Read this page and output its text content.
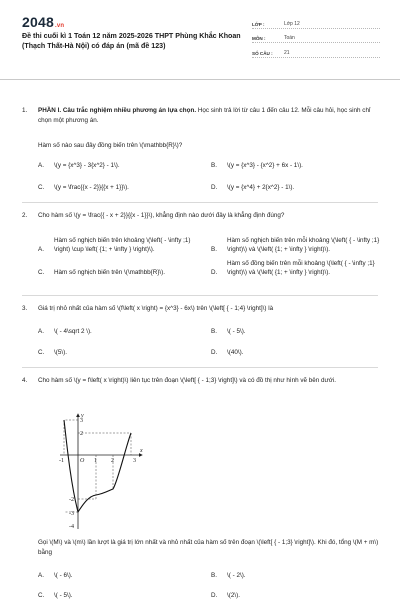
2048.vn
Đề thi cuối kì 1 Toán 12 năm 2025-2026 THPT Phùng Khắc Khoan (Thạch Thất-Hà Nội) có đáp án (mã đề 123)
LỚP :	Lớp 12
MÔN :	Toán
SỐ CÂU :	21
1.	PHẦN I. Câu trắc nghiệm nhiều phương án lựa chọn. Học sinh trả lời từ câu 1 đến câu 12. Mỗi câu hỏi, học sinh chỉ chọn một phương án.
Hàm số nào sau đây đồng biến trên \(\mathbb{R}\)?
A.	\(y = {x^3} - 3{x^2} - 1\).	B.	\(y = {x^3} - {x^2} + 6x - 1\).
C.	\(y = \frac{{x - 2}}{{x + 1}}\).	D.	\(y = {x^4} + 2{x^2} - 1\).
2.	Cho hàm số \(y = \frac{{ - x + 2}}{{x - 1}}\), khẳng định nào dưới đây là khẳng định đúng?
A.
Hàm số nghịch biến trên khoảng \(\left( - \infty ;1) \right) \cup \left( {1; + \infty } \right)\).	B.
Hàm số nghịch biến trên mỗi khoảng \(\left( { - \infty ;1} \right)\) và \(\left( {1; + \infty } \right)\).
C.	Hàm số nghịch biến trên \(\mathbb{R}\).	D.
Hàm số đồng biến trên mỗi khoảng \(\left( { - \infty ;1} \right)\) và \(\left( {1; + \infty } \right)\).
3.	Giá trị nhỏ nhất của hàm số \(f\left( x \right) = {x^3} - 6x\) trên \(\left[ { - 1;4} \right]\) là
A.	\( - 4\sqrt 2 \).	B.	\( - 5\).
C.	\(5\).	D.	\(40\).
4.	Cho hàm số \(y = f\left( x \right)\) liên tục trên đoạn \(\left[ { - 1;3} \right]\) và có đồ thị như hình vẽ bên dưới.
3
2
-2
-3
-4
-1	O 1 2	3
x
y
Gọi \(M\) và \(m\) lần lượt là giá trị lớn nhất và nhỏ nhất của hàm số trên đoạn \(\left[ { - 1;3} \right]\). Khi đó, tổng \(M + m\) bằng
A.	\( - 6\).	B.	\( - 2\).
C.	\( - 5\).	D.	\(2\).
